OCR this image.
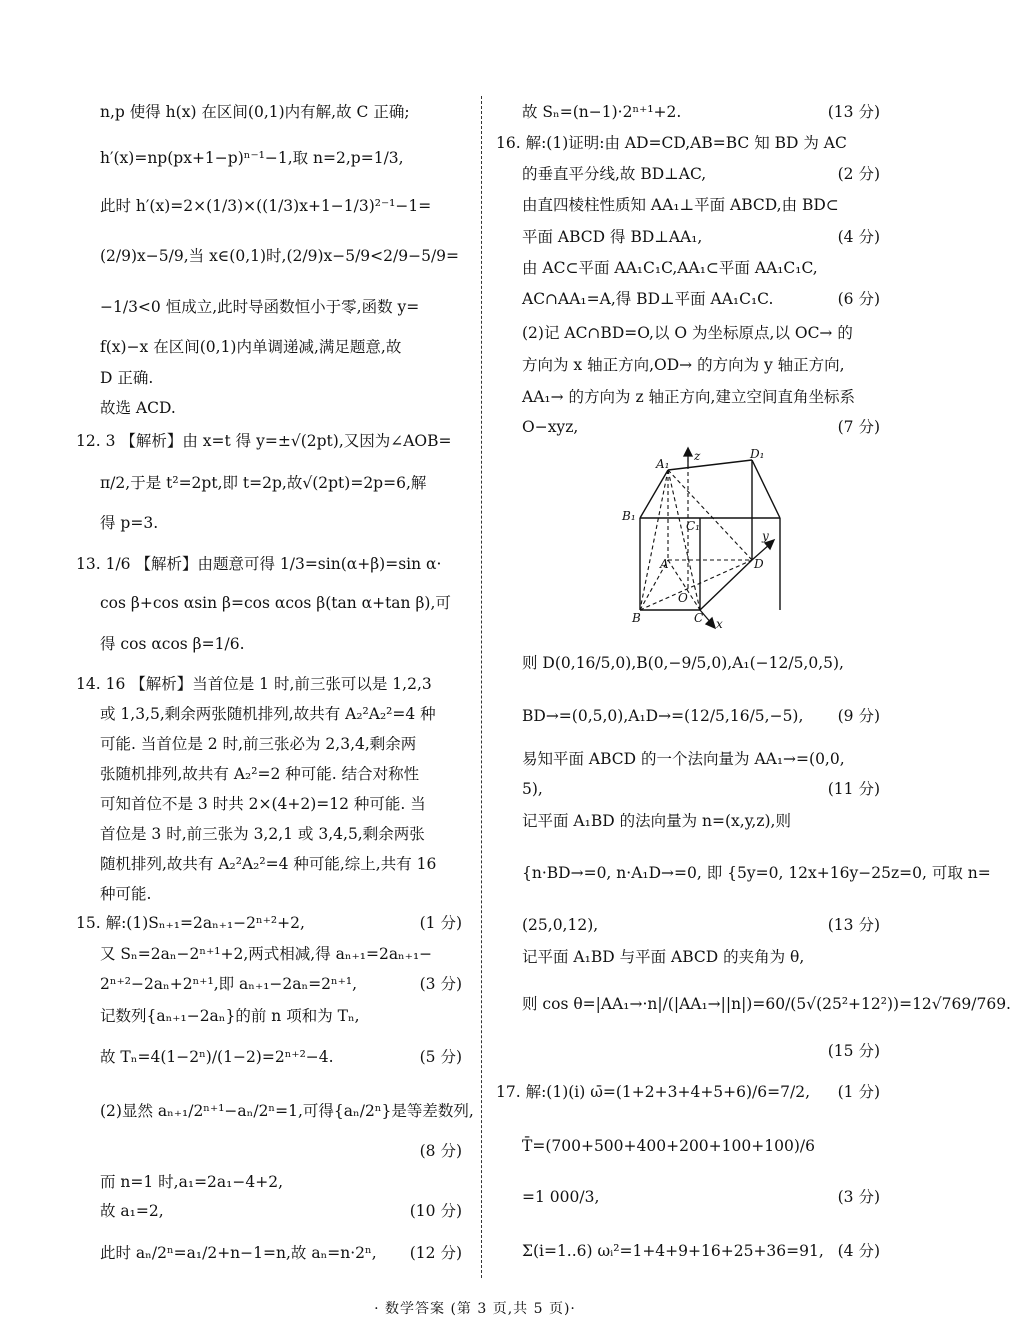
n,p 使得 h(x) 在区间(0,1)内有解,故 C 正确;
h′(x)=np(px+1−p)ⁿ⁻¹−1,取 n=2,p=1/3,
此时 h′(x)=2×(1/3)×((1/3)x+1−1/3)²⁻¹−1=
(2/9)x−5/9,当 x∈(0,1)时,(2/9)x−5/9<2/9−5/9=
−1/3<0 恒成立,此时导函数恒小于零,函数 y=
f(x)−x 在区间(0,1)内单调递减,满足题意,故
D 正确.
故选 ACD.
12. 3 【解析】由 x=t 得 y=±√(2pt),又因为∠AOB=
π/2,于是 t²=2pt,即 t=2p,故√(2pt)=2p=6,解
得 p=3.
13. 1/6 【解析】由题意可得 1/3=sin(α+β)=sin α·
cos β+cos αsin β=cos αcos β(tan α+tan β),可
得 cos αcos β=1/6.
14. 16 【解析】当首位是 1 时,前三张可以是 1,2,3
或 1,3,5,剩余两张随机排列,故共有 A₂²A₂²=4 种
可能. 当首位是 2 时,前三张必为 2,3,4,剩余两
张随机排列,故共有 A₂²=2 种可能. 结合对称性
可知首位不是 3 时共 2×(4+2)=12 种可能. 当
首位是 3 时,前三张为 3,2,1 或 3,4,5,剩余两张
随机排列,故共有 A₂²A₂²=4 种可能,综上,共有 16
种可能.
15. 解:(1)Sₙ₊₁=2aₙ₊₁−2ⁿ⁺²+2,	(1 分)
又 Sₙ=2aₙ−2ⁿ⁺¹+2,两式相减,得 aₙ₊₁=2aₙ₊₁−
2ⁿ⁺²−2aₙ+2ⁿ⁺¹,即 aₙ₊₁−2aₙ=2ⁿ⁺¹,	(3 分)
记数列{aₙ₊₁−2aₙ}的前 n 项和为 Tₙ,
故 Tₙ=4(1−2ⁿ)/(1−2)=2ⁿ⁺²−4.	(5 分)
(2)显然 aₙ₊₁/2ⁿ⁺¹−aₙ/2ⁿ=1,可得{aₙ/2ⁿ}是等差数列,
(8 分)
而 n=1 时,a₁=2a₁−4+2,
故 a₁=2,	(10 分)
此时 aₙ/2ⁿ=a₁/2+n−1=n,故 aₙ=n·2ⁿ, (12 分)
故 Sₙ=(n−1)·2ⁿ⁺¹+2.	(13 分)
16. 解:(1)证明:由 AD=CD,AB=BC 知 BD 为 AC
的垂直平分线,故 BD⊥AC,	(2 分)
由直四棱柱性质知 AA₁⊥平面 ABCD,由 BD⊂
平面 ABCD 得 BD⊥AA₁,	(4 分)
由 AC⊂平面 AA₁C₁C,AA₁⊂平面 AA₁C₁C,
AC∩AA₁=A,得 BD⊥平面 AA₁C₁C.	(6 分)
(2)记 AC∩BD=O,以 O 为坐标原点,以 OC→ 的
方向为 x 轴正方向,OD→ 的方向为 y 轴正方向,
AA₁→ 的方向为 z 轴正方向,建立空间直角坐标系
O−xyz,	(7 分)
则 D(0,16/5,0),B(0,−9/5,0),A₁(−12/5,0,5),
BD→=(0,5,0),A₁D→=(12/5,16/5,−5), (9 分)
易知平面 ABCD 的一个法向量为 AA₁→=(0,0,
5),	(11 分)
记平面 A₁BD 的法向量为 n=(x,y,z),则
{n·BD→=0, n·A₁D→=0, 即 {5y=0, 12x+16y−25z=0, 可取 n=
(25,0,12),	(13 分)
记平面 A₁BD 与平面 ABCD 的夹角为 θ,
则 cos θ=|AA₁→·n|/(|AA₁→||n|)=60/(5√(25²+12²))=12√769/769.
(15 分)
17. 解:(1)(ⅰ) ω̄=(1+2+3+4+5+6)/6=7/2, (1 分)
T̄=(700+500+400+200+100+100)/6
=1 000/3,	(3 分)
Σ(i=1..6) ωᵢ²=1+4+9+16+25+36=91, (4 分)
A₁
z	D₁
B₁
C₁
y
A	D
O
B	C x
· 数学答案 (第 3 页,共 5 页)·
